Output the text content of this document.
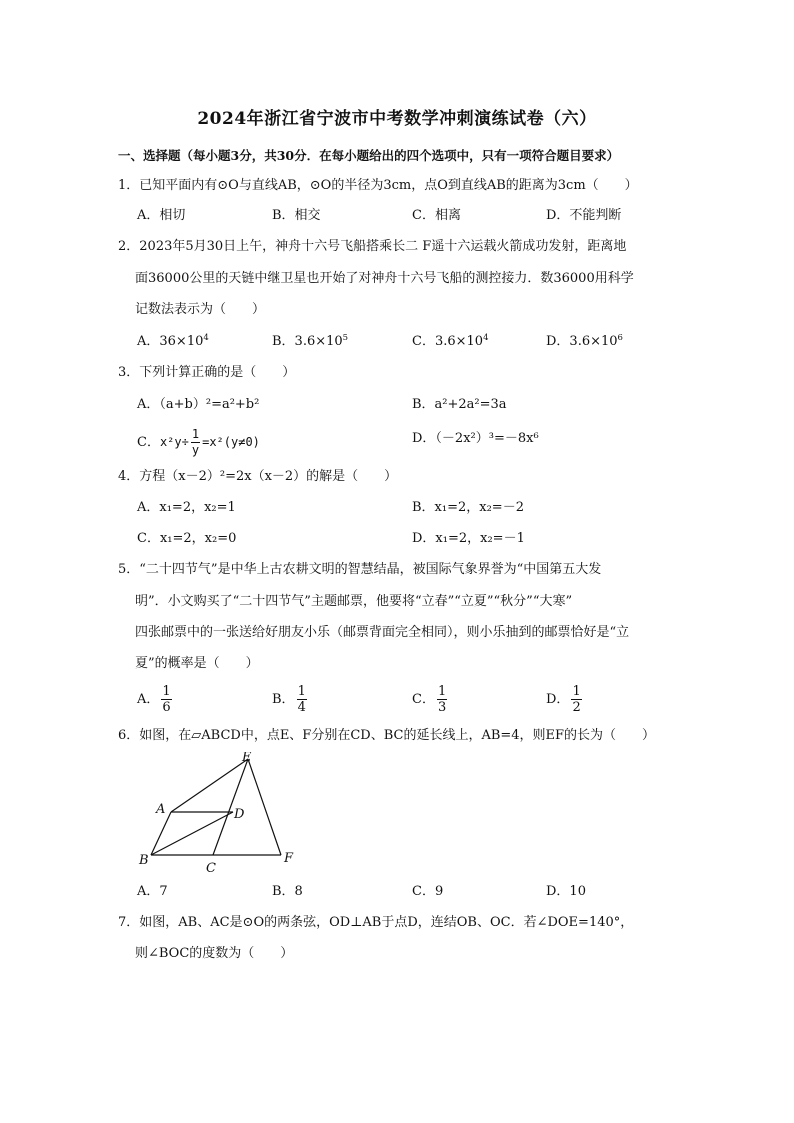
2024年浙江省宁波市中考数学冲刺演练试卷（六）
一、选择题（每小题3分，共30分．在每小题给出的四个选项中，只有一项符合题目要求）
1．已知平面内有⊙O与直线AB，⊙O的半径为3cm，点O到直线AB的距离为3cm（　　）
A．相切	B．相交	C．相离	D．不能判断
2．2023年5月30日上午，神舟十六号飞船搭乘长二 F遥十六运载火箭成功发射，距离地
面36000公里的天链中继卫星也开始了对神舟十六号飞船的测控接力．数36000用科学
记数法表示为（　　）
A．$36\times 10^4$	B．$3.6\times 10^5$	C．$3.6\times 10^4$	D．$3.6\times 10^6$
3．下列计算正确的是（　　）
A．（a+b）²=a²+b²	B．a²+2a²=3a
C．$x^2y\div \frac{1}{y} =x^2(y\ne 0)$	D．（－2x²）³=－8x⁶
4．方程（x－2）²=2x（x－2）的解是（　　）
A．x₁=2，x₂=1	B．x₁=2，x₂=－2
C．x₁=2，x₂=0	D．x₁=2，x₂=－1
5．“二十四节气”是中华上古农耕文明的智慧结晶，被国际气象界誉为“中国第五大发
明”．小文购买了“二十四节气”主题邮票，他要将“立春”“立夏”“秋分”“大寒”
四张邮票中的一张送给好朋友小乐（邮票背面完全相同），则小乐抽到的邮票恰好是“立
夏”的概率是（　　）
A． $\frac{1}{6}$	B． $\frac{1}{4}$	C． $\frac{1}{3}$	D． $\frac{1}{2}$
6．如图，在▱ABCD中，点E、F分别在CD、BC的延长线上，AB=4，则EF的长为（　　）
E
A	D
B
C
F
A．7	B．8	C．9	D．10
7．如图，AB、AC是⊙O的两条弦，OD⊥AB于点D，连结OB、OC．若∠DOE=140°，
则∠BOC的度数为（　　）
